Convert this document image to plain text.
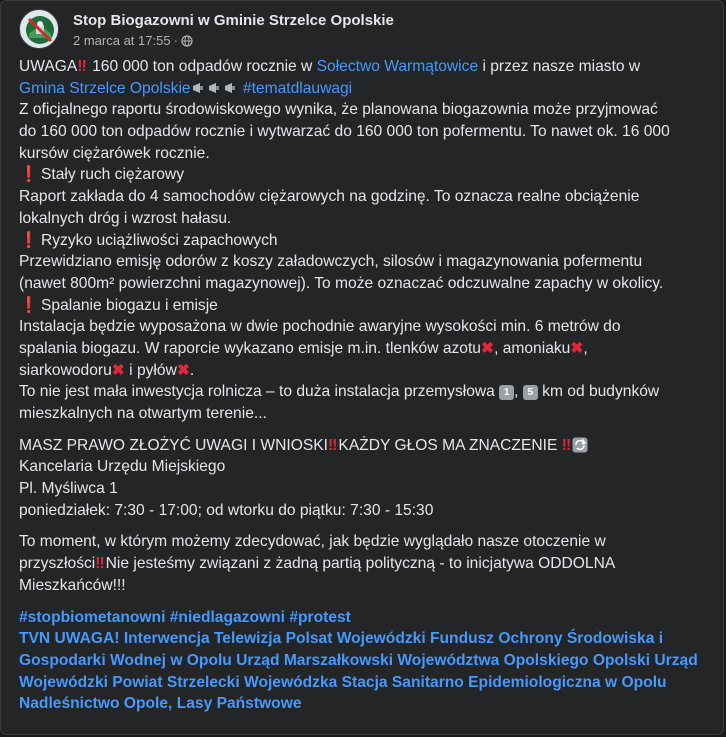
Stop Biogazowni w Gminie Strzelce Opolskie
2 marca at 17:55 ·
UWAGA‼ 160 000 ton odpadów rocznie w Sołectwo Warmątowice i przez nasze miasto w
Gmina Strzelce Opolskie	#tematdlauwagi
Z oficjalnego raportu środowiskowego wynika, że planowana biogazownia może przyjmować
do 160 000 ton odpadów rocznie i wytwarzać do 160 000 ton pofermentu. To nawet ok. 16 000
kursów ciężarówek rocznie.
❗ Stały ruch ciężarowy
Raport zakłada do 4 samochodów ciężarowych na godzinę. To oznacza realne obciążenie
lokalnych dróg i wzrost hałasu.
❗ Ryzyko uciążliwości zapachowych
Przewidziano emisję odorów z koszy załadowczych, silosów i magazynowania pofermentu
(nawet 800m² powierzchni magazynowej). To może oznaczać odczuwalne zapachy w okolicy.
❗ Spalanie biogazu i emisje
Instalacja będzie wyposażona w dwie pochodnie awaryjne wysokości min. 6 metrów do
spalania biogazu. W raporcie wykazano emisje m.in. tlenków azotu✖, amoniaku✖,
siarkowodoru✖ i pyłów✖.
To nie jest mała inwestycja rolnicza – to duża instalacja przemysłowa 1 , 5 km od budynków
mieszkalnych na otwartym terenie...
MASZ PRAWO ZŁOŻYĆ UWAGI I WNIOSKI‼ KAŻDY GŁOS MA ZNACZENIE ‼
Kancelaria Urzędu Miejskiego
Pl. Myśliwca 1
poniedziałek: 7:30 - 17:00; od wtorku do piątku: 7:30 - 15:30
To moment, w którym możemy zdecydować, jak będzie wyglądało nasze otoczenie w
przyszłości‼ Nie jesteśmy związani z żadną partią polityczną - to inicjatywa ODDOLNA
Mieszkańców!!!
#stopbiometanowni #niedlagazowni #protest
TVN UWAGA! Interwencja Telewizja Polsat Wojewódzki Fundusz Ochrony Środowiska i
Gospodarki Wodnej w Opolu Urząd Marszałkowski Województwa Opolskiego Opolski Urząd
Wojewódzki Powiat Strzelecki Wojewódzka Stacja Sanitarno Epidemiologiczna w Opolu
Nadleśnictwo Opole, Lasy Państwowe
